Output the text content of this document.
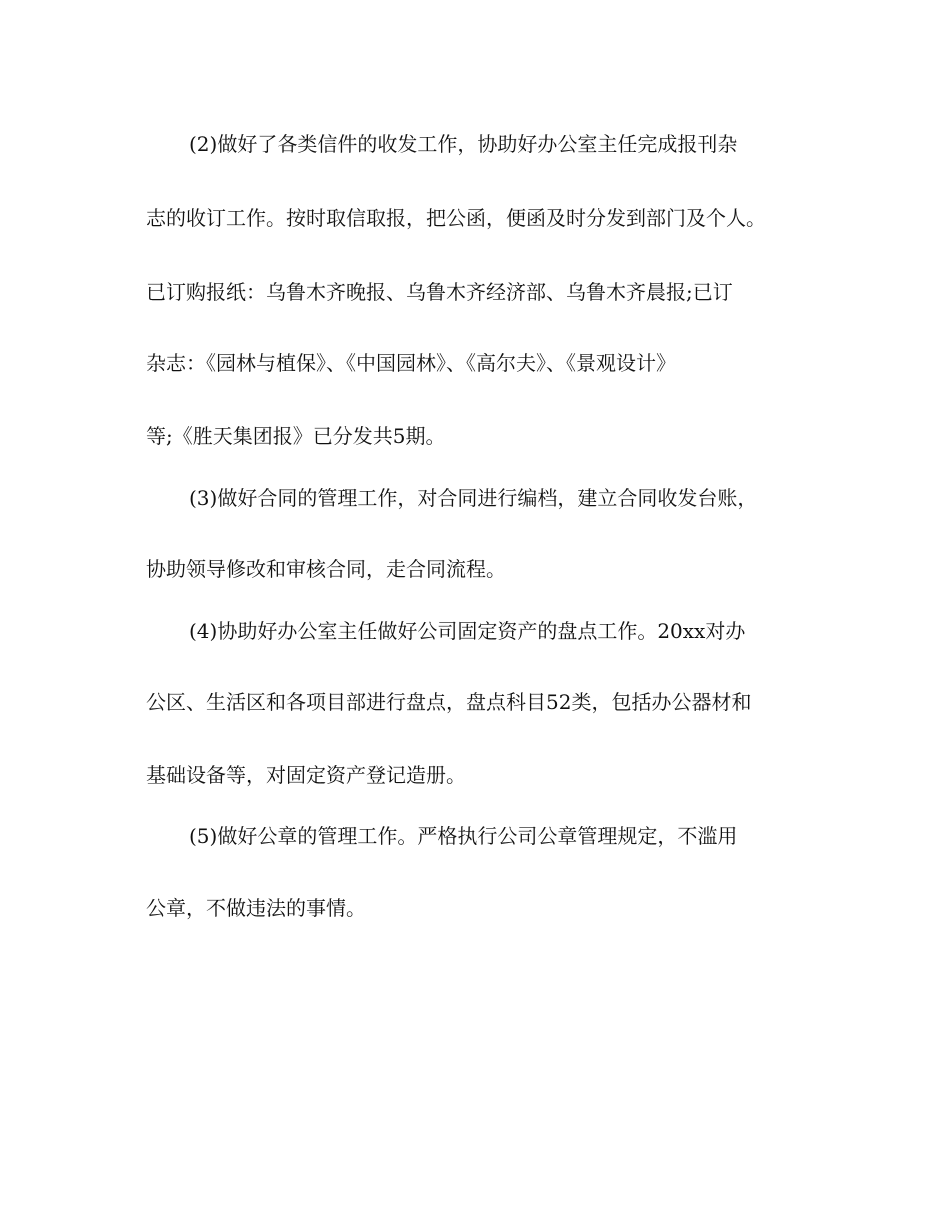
(2)做好了各类信件的收发工作，协助好办公室主任完成报刊杂
志的收订工作。按时取信取报，把公函，便函及时分发到部门及个人。
已订购报纸：乌鲁木齐晚报、乌鲁木齐经济部、乌鲁木齐晨报;已订
杂志：《园林与植保》、《中国园林》、《高尔夫》、《景观设计》
等;《胜天集团报》已分发共5期。
(3)做好合同的管理工作，对合同进行编档，建立合同收发台账，
协助领导修改和审核合同，走合同流程。
(4)协助好办公室主任做好公司固定资产的盘点工作。20xx对办
公区、生活区和各项目部进行盘点，盘点科目52类，包括办公器材和
基础设备等，对固定资产登记造册。
(5)做好公章的管理工作。严格执行公司公章管理规定，不滥用
公章，不做违法的事情。
